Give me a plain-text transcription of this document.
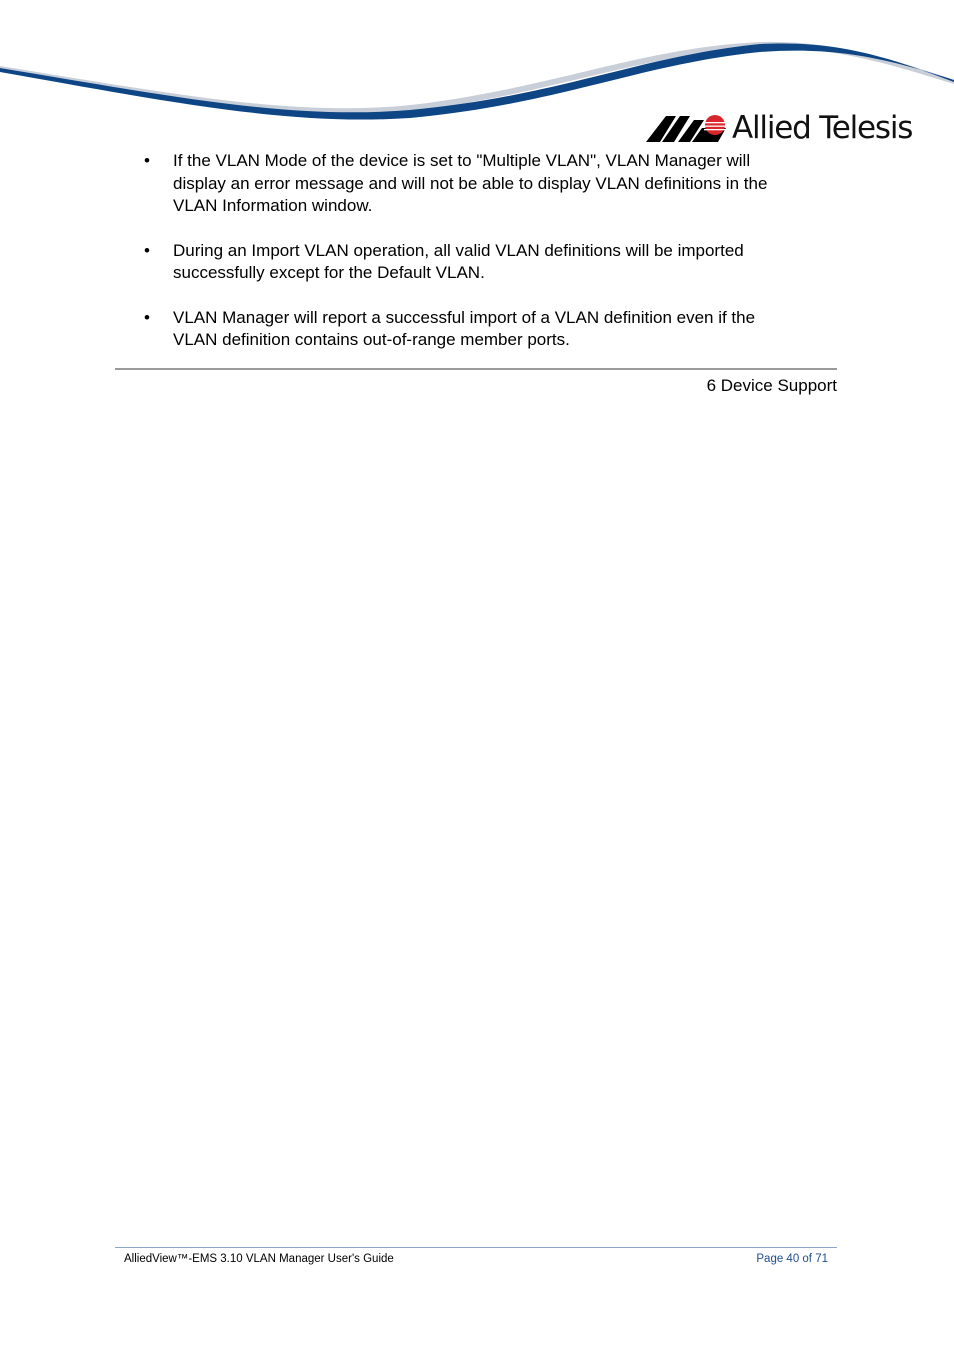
Allied Telesis
• If the VLAN Mode of the device is set to "Multiple VLAN", VLAN Manager will
display an error message and will not be able to display VLAN definitions in the
VLAN Information window.
• During an Import VLAN operation, all valid VLAN definitions will be imported
successfully except for the Default VLAN.
• VLAN Manager will report a successful import of a VLAN definition even if the
VLAN definition contains out-of-range member ports.
6 Device Support
AlliedView™-EMS 3.10 VLAN Manager User's Guide	Page 40 of 71
